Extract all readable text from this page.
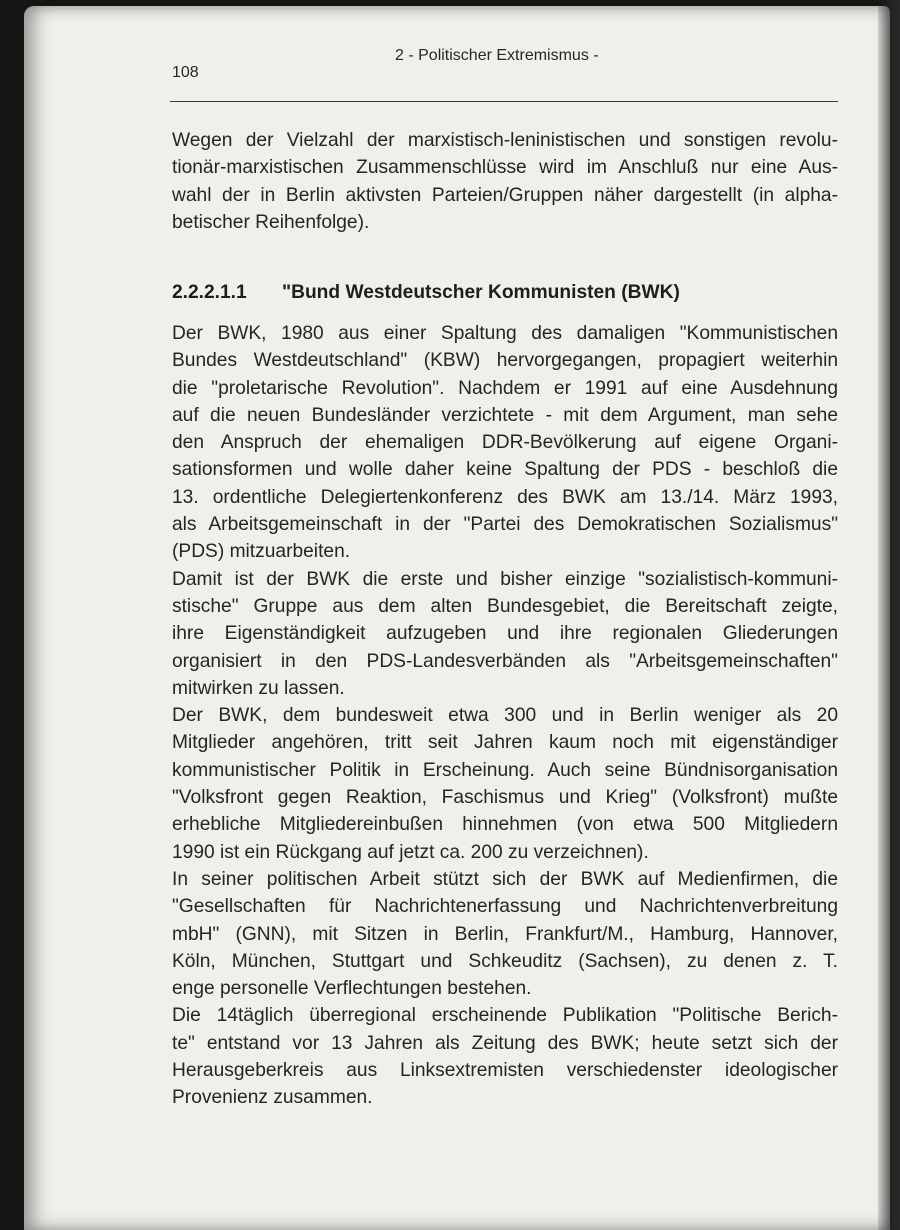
2 - Politischer Extremismus -
108
Wegen der Vielzahl der marxistisch-leninistischen und sonstigen revolu-
tionär-marxistischen Zusammenschlüsse wird im Anschluß nur eine Aus-
wahl der in Berlin aktivsten Parteien/Gruppen näher dargestellt (in alpha-
betischer Reihenfolge).
2.2.2.1.1 "Bund Westdeutscher Kommunisten (BWK)

Der BWK, 1980 aus einer Spaltung des damaligen "Kommunistischen
Bundes Westdeutschland" (KBW) hervorgegangen, propagiert weiterhin
die "proletarische Revolution". Nachdem er 1991 auf eine Ausdehnung
auf die neuen Bundesländer verzichtete - mit dem Argument, man sehe
den Anspruch der ehemaligen DDR-Bevölkerung auf eigene Organi-
sationsformen und wolle daher keine Spaltung der PDS - beschloß die
13. ordentliche Delegiertenkonferenz des BWK am 13./14. März 1993,
als Arbeitsgemeinschaft in der "Partei des Demokratischen Sozialismus"
(PDS) mitzuarbeiten.

Damit ist der BWK die erste und bisher einzige "sozialistisch-kommuni-
stische" Gruppe aus dem alten Bundesgebiet, die Bereitschaft zeigte,
ihre Eigenständigkeit aufzugeben und ihre regionalen Gliederungen
organisiert in den PDS-Landesverbänden als "Arbeitsgemeinschaften"
mitwirken zu lassen.

Der BWK, dem bundesweit etwa 300 und in Berlin weniger als 20
Mitglieder angehören, tritt seit Jahren kaum noch mit eigenständiger
kommunistischer Politik in Erscheinung. Auch seine Bündnisorganisation
"Volksfront gegen Reaktion, Faschismus und Krieg" (Volksfront) mußte
erhebliche Mitgliedereinbußen hinnehmen (von etwa 500 Mitgliedern
1990 ist ein Rückgang auf jetzt ca. 200 zu verzeichnen).

In seiner politischen Arbeit stützt sich der BWK auf Medienfirmen, die
"Gesellschaften für Nachrichtenerfassung und Nachrichtenverbreitung
mbH" (GNN), mit Sitzen in Berlin, Frankfurt/M., Hamburg, Hannover,
Köln, München, Stuttgart und Schkeuditz (Sachsen), zu denen z. T.
enge personelle Verflechtungen bestehen.

Die 14täglich überregional erscheinende Publikation "Politische Berich-
te" entstand vor 13 Jahren als Zeitung des BWK; heute setzt sich der
Herausgeberkreis aus Linksextremisten verschiedenster ideologischer
Provenienz zusammen.
